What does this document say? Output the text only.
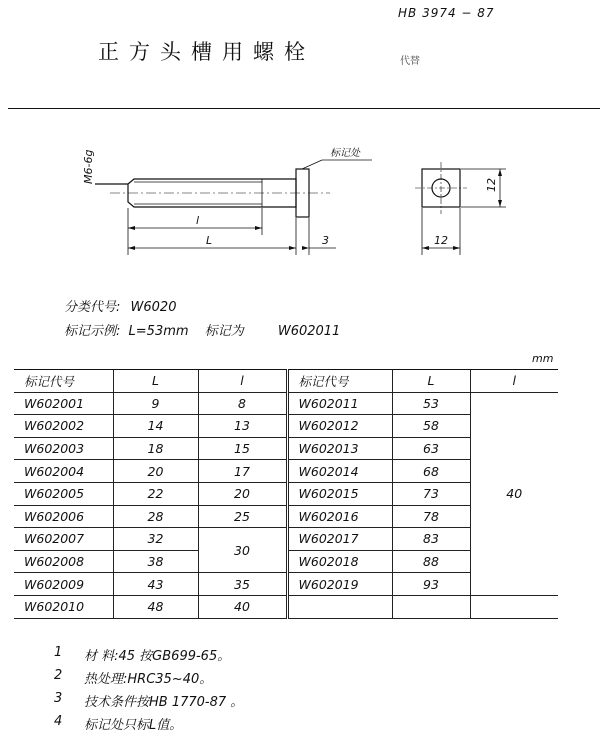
HB 3974 − 87
正方头槽用螺栓	代替
M6-6g	标记处
l
L	3
12
12
分类代号: W6020
标记示例: L=53mm 标记为	W602011
mm
标记代号	L	l	标记代号	L	l
W602001	9	8	W602011	53	40
W602002	14	13	W602012	58	
W602003	18	15	W602013	63	
W602004	20	17	W602014	68	
W602005	22	20	W602015	73	
W602006	28	25	W602016	78	
W602007	32	30	W602017	83	
W602008	38		W602018	88	
W602009	43	35	W602019	93	
W602010	48	40			
1	材 料:45 按GB699-65。
2	热处理:HRC35~40。
3	技术条件按HB 1770-87 。
4	标记处只标L值。
